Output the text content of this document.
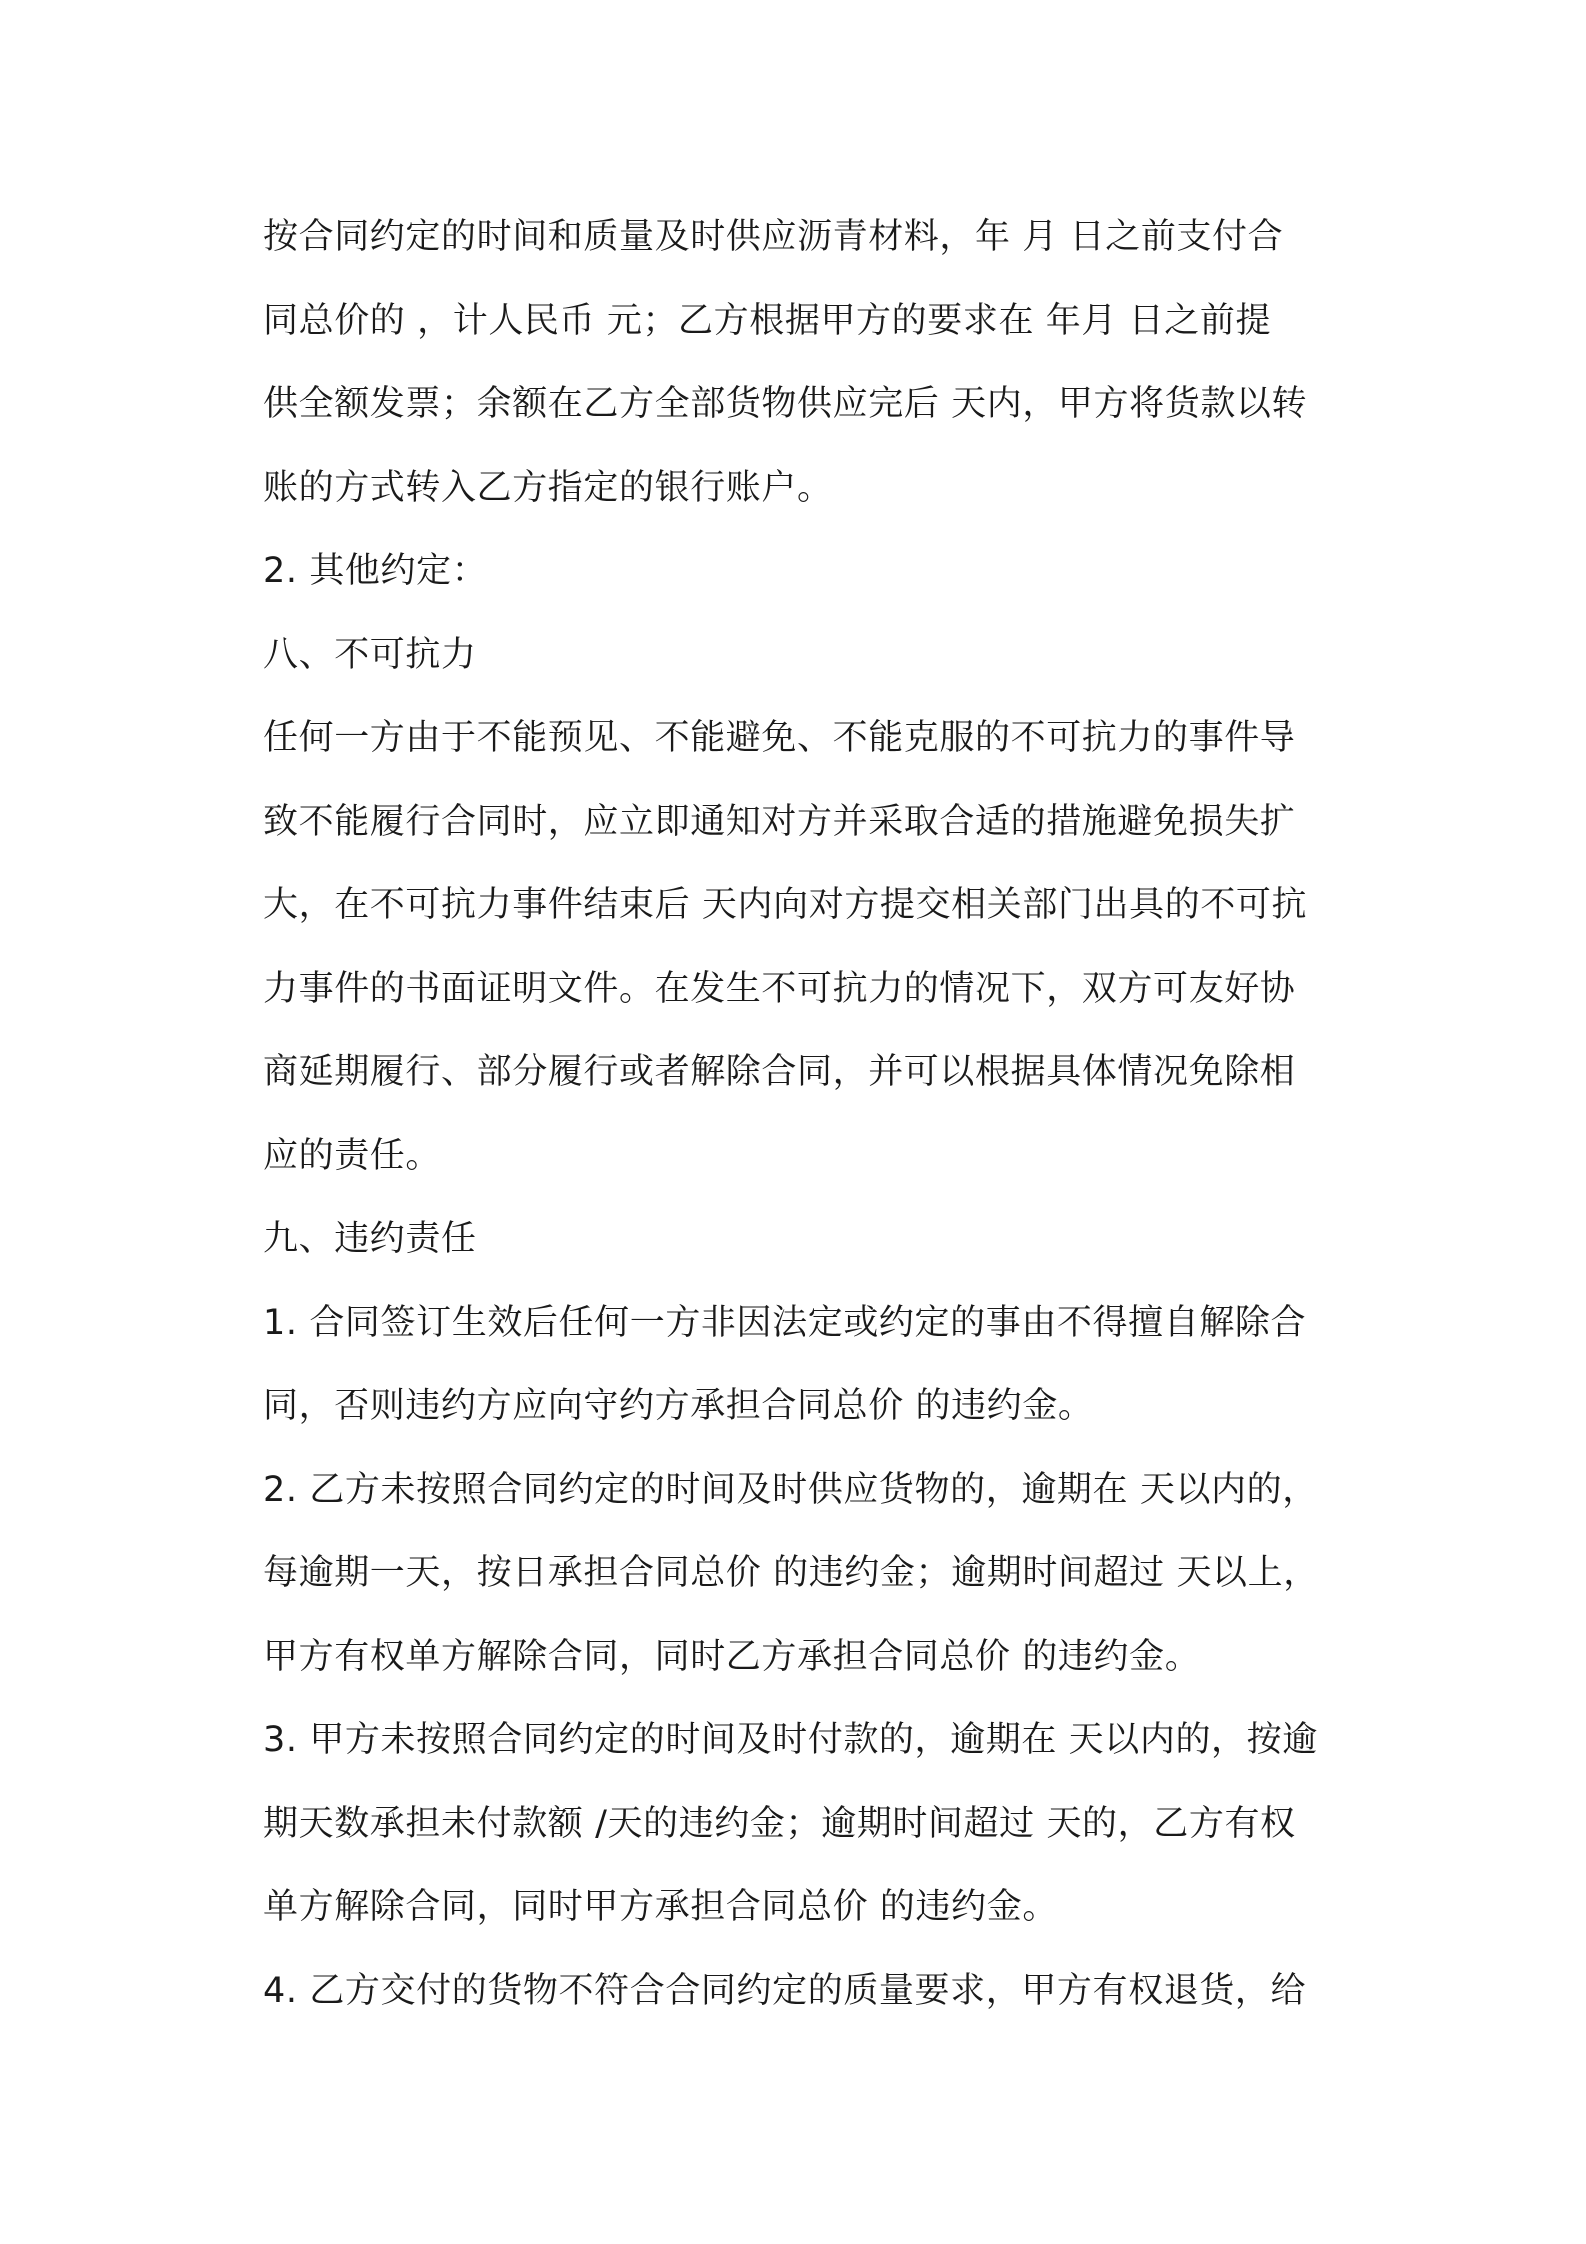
按合同约定的时间和质量及时供应沥青材料，年 月 日之前支付合
同总价的 ，计人民币 元；乙方根据甲方的要求在 年月 日之前提
供全额发票；余额在乙方全部货物供应完后 天内，甲方将货款以转
账的方式转入乙方指定的银行账户。
2. 其他约定：
八、不可抗力
任何一方由于不能预见、不能避免、不能克服的不可抗力的事件导
致不能履行合同时，应立即通知对方并采取合适的措施避免损失扩
大，在不可抗力事件结束后 天内向对方提交相关部门出具的不可抗
力事件的书面证明文件。在发生不可抗力的情况下，双方可友好协
商延期履行、部分履行或者解除合同，并可以根据具体情况免除相
应的责任。
九、违约责任
1. 合同签订生效后任何一方非因法定或约定的事由不得擅自解除合
同，否则违约方应向守约方承担合同总价 的违约金。
2. 乙方未按照合同约定的时间及时供应货物的，逾期在 天以内的，
每逾期一天，按日承担合同总价 的违约金；逾期时间超过 天以上，
甲方有权单方解除合同，同时乙方承担合同总价 的违约金。
3. 甲方未按照合同约定的时间及时付款的，逾期在 天以内的，按逾
期天数承担未付款额 /天的违约金；逾期时间超过 天的，乙方有权
单方解除合同，同时甲方承担合同总价 的违约金。
4. 乙方交付的货物不符合合同约定的质量要求，甲方有权退货，给
